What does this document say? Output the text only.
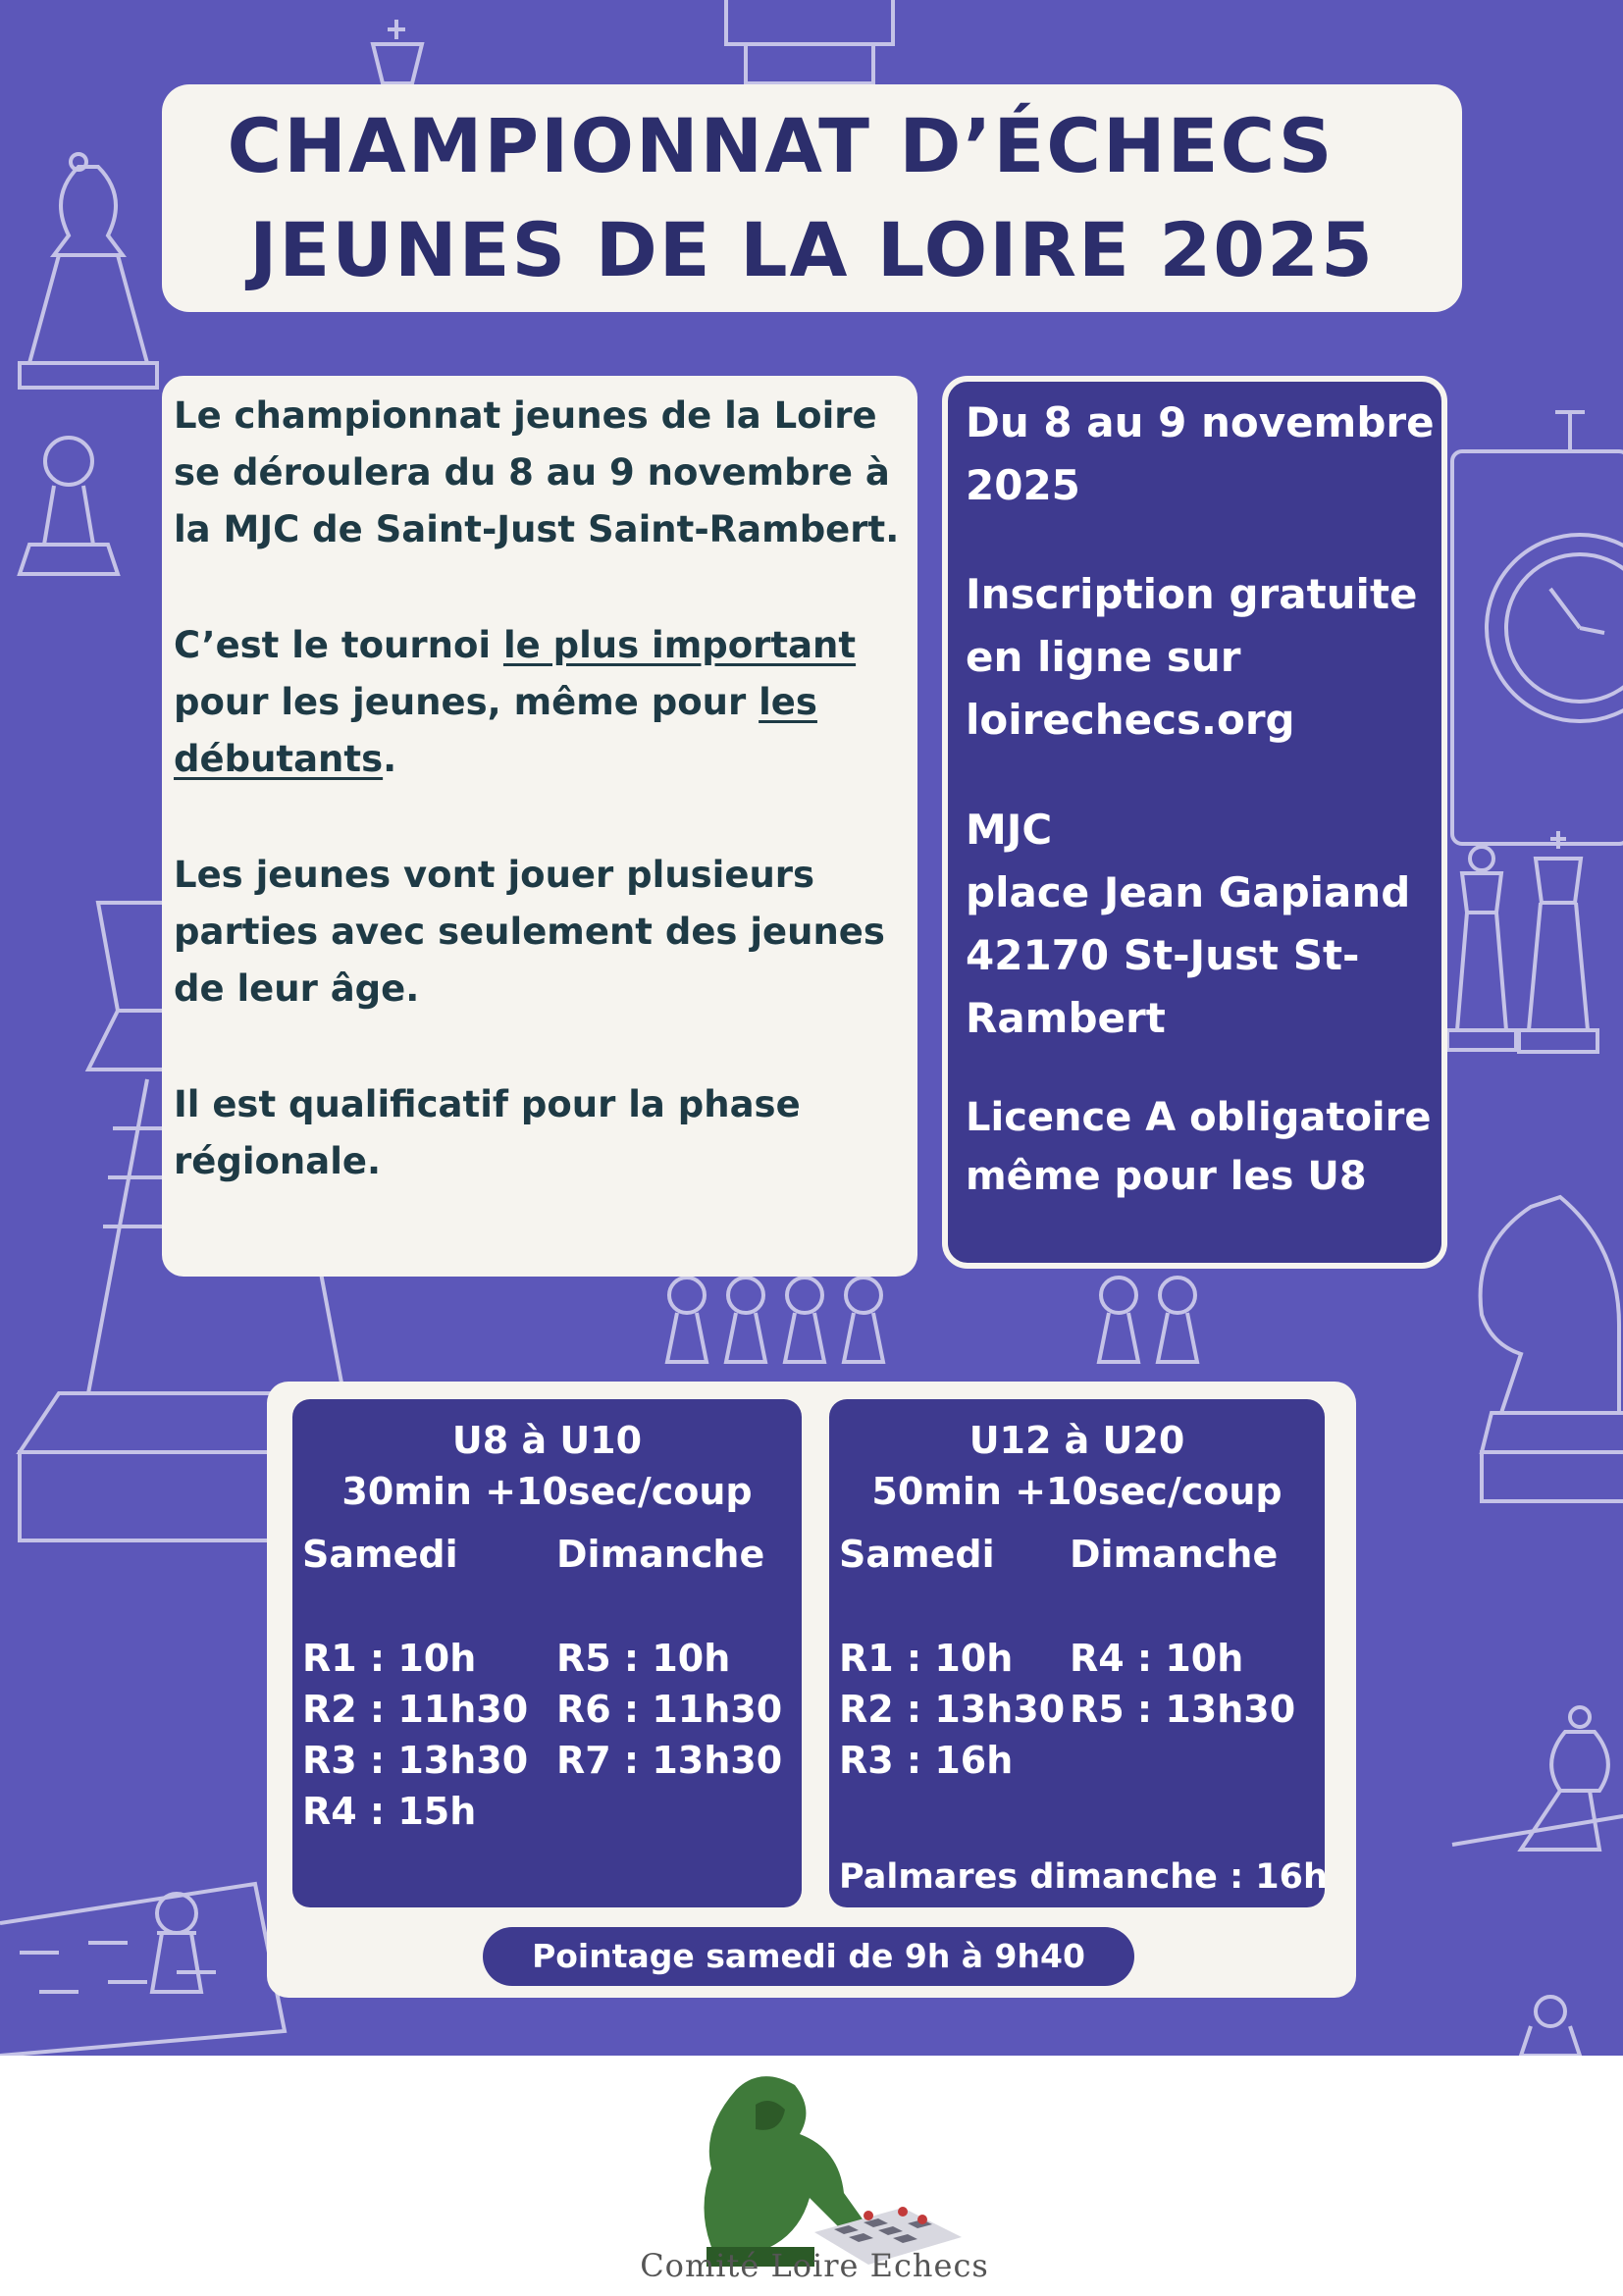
CHAMPIONNAT D’ÉCHECS
JEUNES DE LA LOIRE 2025

Le championnat jeunes de la Loire se déroulera du 8 au 9 novembre à la MJC de Saint-Just Saint-Rambert.

C’est le tournoi le plus important pour les jeunes, même pour les débutants.

Les jeunes vont jouer plusieurs parties avec seulement des jeunes de leur âge.

Il est qualificatif pour la phase régionale.

Du 8 au 9 novembre 2025

Inscription gratuite en ligne sur loirechecs.org

MJC
place Jean Gapiand
42170 St-Just St-Rambert

Licence A obligatoire même pour les U8

U8 à U10
30min +10sec/coup
Samedi	Dimanche
R1 : 10h
R2 : 11h30
R3 : 13h30
R4 : 15h
R5 : 10h
R6 : 11h30
R7 : 13h30
U12 à U20
50min +10sec/coup
Samedi Dimanche
R1 : 10h
R2 : 13h30
R3 : 16h
R4 : 10h
R5 : 13h30
Palmares dimanche : 16h
Pointage samedi de 9h à 9h40
Comité Loire Echecs
